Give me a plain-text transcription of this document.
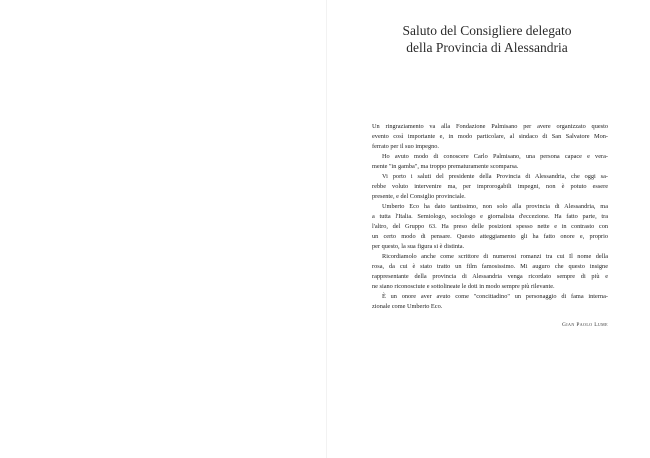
Saluto del Consigliere delegato
della Provincia di Alessandria
Un ringraziamento va alla Fondazione Palmisano per avere organizzato questo
evento così importante e, in modo particolare, al sindaco di San Salvatore Mon-
ferrato per il suo impegno.
Ho avuto modo di conoscere Carlo Palmisano, una persona capace e vera-
mente "in gamba", ma troppo prematuramente scomparsa.
Vi porto i saluti del presidente della Provincia di Alessandria, che oggi sa-
rebbe voluto intervenire ma, per improrogabili impegni, non è potuto essere
presente, e del Consiglio provinciale.
Umberto Eco ha dato tantissimo, non solo alla provincia di Alessandria, ma
a tutta l'Italia. Semiologo, sociologo e giornalista d'eccezione. Ha fatto parte, tra
l'altro, del Gruppo 63. Ha preso delle posizioni spesso nette e in contrasto con
un certo modo di pensare. Questo atteggiamento gli ha fatto onore e, proprio
per questo, la sua figura si è distinta.
Ricordiamolo anche come scrittore di numerosi romanzi tra cui Il nome della
rosa, da cui è stato tratto un film famosissimo. Mi auguro che questo insigne
rappresentante della provincia di Alessandria venga ricordato sempre di più e
ne siano riconosciute e sottolineate le doti in modo sempre più rilevante.
È un onore aver avuto come "concittadino" un personaggio di fama interna-
zionale come Umberto Eco.
Gian Paolo Lume
